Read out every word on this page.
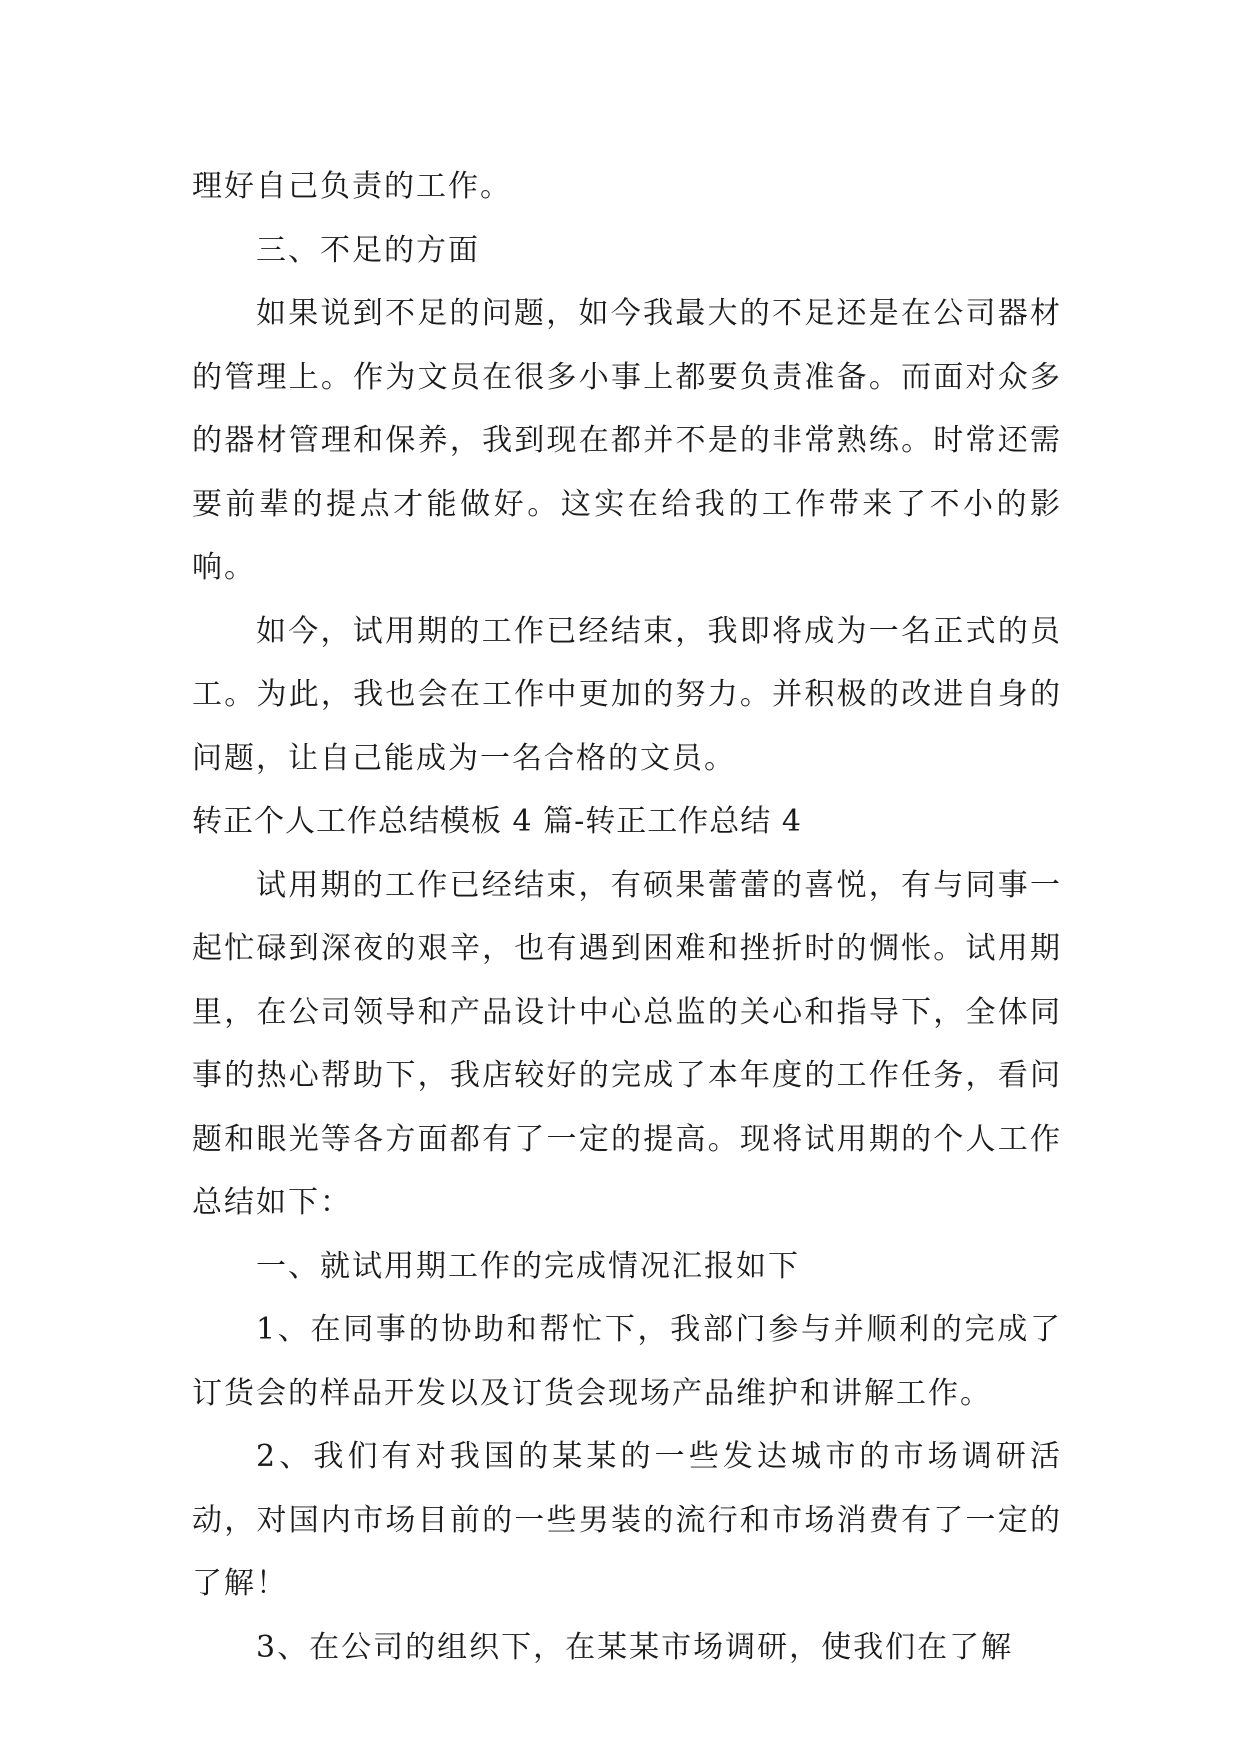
理好自己负责的工作。

三、不足的方面

如果说到不足的问题，如今我最大的不足还是在公司器材的管理上。作为文员在很多小事上都要负责准备。而面对众多的器材管理和保养，我到现在都并不是的非常熟练。时常还需要前辈的提点才能做好。这实在给我的工作带来了不小的影响。

如今，试用期的工作已经结束，我即将成为一名正式的员工。为此，我也会在工作中更加的努力。并积极的改进自身的问题，让自己能成为一名合格的文员。

转正个人工作总结模板 4 篇-转正工作总结 4

试用期的工作已经结束，有硕果蕾蕾的喜悦，有与同事一起忙碌到深夜的艰辛，也有遇到困难和挫折时的惆怅。试用期里，在公司领导和产品设计中心总监的关心和指导下，全体同事的热心帮助下，我店较好的完成了本年度的工作任务，看问题和眼光等各方面都有了一定的提高。现将试用期的个人工作总结如下：

一、就试用期工作的完成情况汇报如下

1、在同事的协助和帮忙下，我部门参与并顺利的完成了订货会的样品开发以及订货会现场产品维护和讲解工作。

2、我们有对我国的某某的一些发达城市的市场调研活动，对国内市场目前的一些男装的流行和市场消费有了一定的了解！

3、在公司的组织下，在某某市场调研，使我们在了解
